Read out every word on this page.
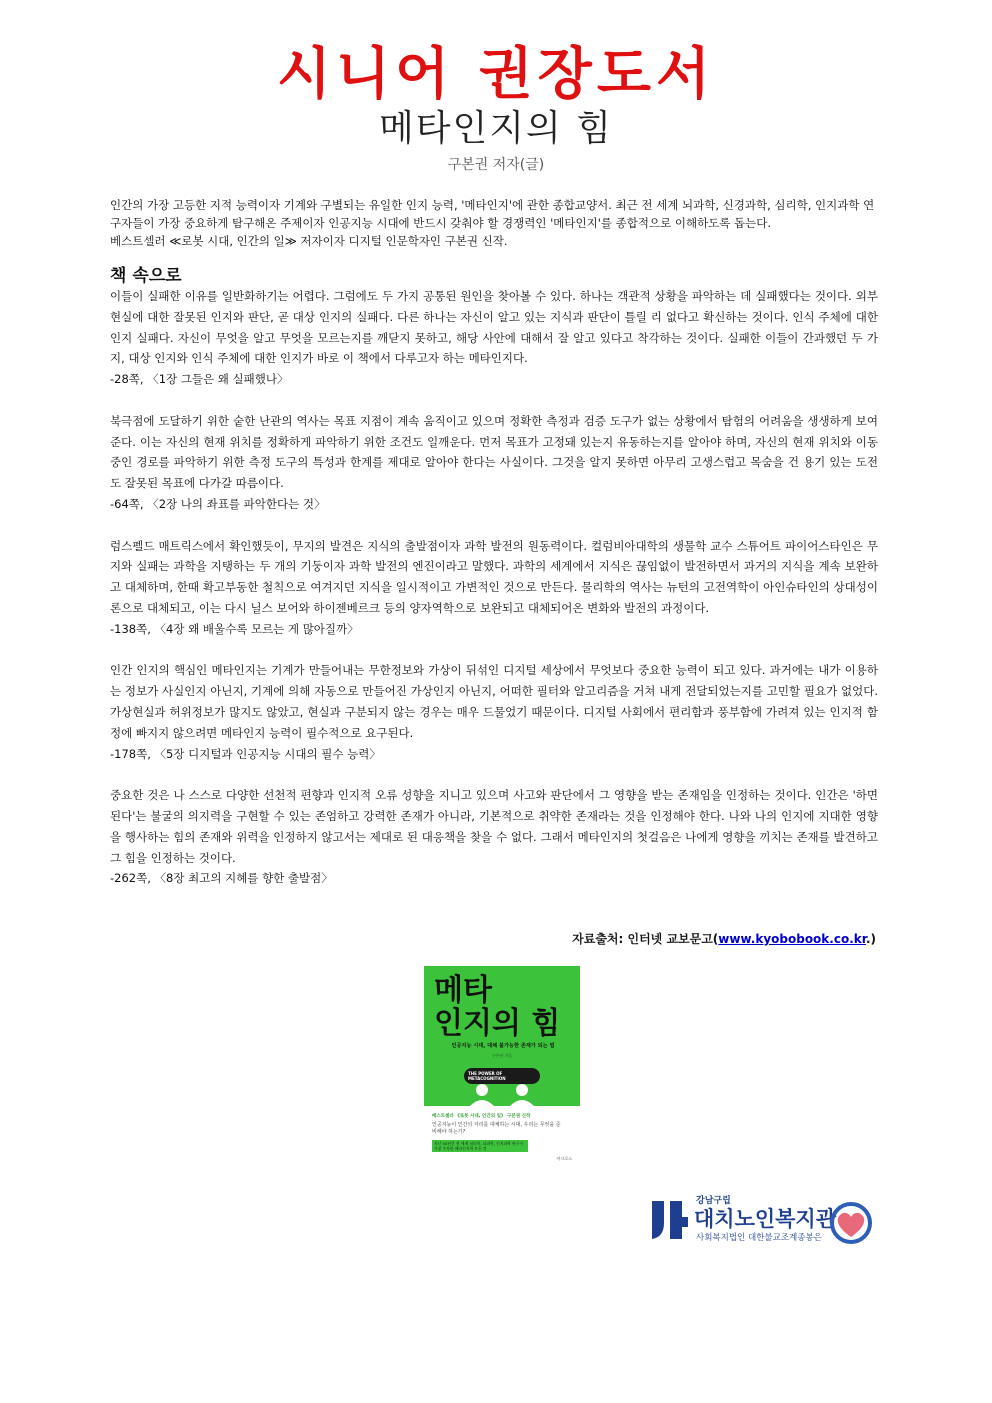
시니어 권장도서
메타인지의 힘
구본권 저자(글)

인간의 가장 고등한 지적 능력이자 기계와 구별되는 유일한 인지 능력, '메타인지'에 관한 종합교양서. 최근 전 세계 뇌과학, 신경과학, 심리학, 인지과학 연구자들이 가장 중요하게 탐구해온 주제이자 인공지능 시대에 반드시 갖춰야 할 경쟁력인 '메타인지'를 종합적으로 이해하도록 돕는다.

베스트셀러 ≪로봇 시대, 인간의 일≫ 저자이자 디지털 인문학자인 구본권 신작.

책 속으로

이들이 실패한 이유를 일반화하기는 어렵다. 그럼에도 두 가지 공통된 원인을 찾아볼 수 있다. 하나는 객관적 상황을 파악하는 데 실패했다는 것이다. 외부 현실에 대한 잘못된 인지와 판단, 곧 대상 인지의 실패다. 다른 하나는 자신이 알고 있는 지식과 판단이 틀릴 리 없다고 확신하는 것이다. 인식 주체에 대한 인지 실패다. 자신이 무엇을 알고 무엇을 모르는지를 깨닫지 못하고, 해당 사안에 대해서 잘 알고 있다고 착각하는 것이다. 실패한 이들이 간과했던 두 가지, 대상 인지와 인식 주체에 대한 인지가 바로 이 책에서 다루고자 하는 메타인지다.

-28쪽, 〈1장 그들은 왜 실패했나〉

북극점에 도달하기 위한 숱한 난관의 역사는 목표 지점이 계속 움직이고 있으며 정확한 측정과 검증 도구가 없는 상황에서 탐험의 어려움을 생생하게 보여준다. 이는 자신의 현재 위치를 정확하게 파악하기 위한 조건도 일깨운다. 먼저 목표가 고정돼 있는지 유동하는지를 알아야 하며, 자신의 현재 위치와 이동 중인 경로를 파악하기 위한 측정 도구의 특성과 한계를 제대로 알아야 한다는 사실이다. 그것을 알지 못하면 아무리 고생스럽고 목숨을 건 용기 있는 도전도 잘못된 목표에 다가갈 따름이다.

-64쪽, 〈2장 나의 좌표를 파악한다는 것〉

럼스펠드 매트릭스에서 확인했듯이, 무지의 발견은 지식의 출발점이자 과학 발전의 원동력이다. 컬럼비아대학의 생물학 교수 스튜어트 파이어스타인은 무지와 실패는 과학을 지탱하는 두 개의 기둥이자 과학 발전의 엔진이라고 말했다. 과학의 세계에서 지식은 끊임없이 발전하면서 과거의 지식을 계속 보완하고 대체하며, 한때 확고부동한 철칙으로 여겨지던 지식을 일시적이고 가변적인 것으로 만든다. 물리학의 역사는 뉴턴의 고전역학이 아인슈타인의 상대성이론으로 대체되고, 이는 다시 닐스 보어와 하이젠베르크 등의 양자역학으로 보완되고 대체되어온 변화와 발전의 과정이다.

-138쪽, 〈4장 왜 배울수록 모르는 게 많아질까〉

인간 인지의 핵심인 메타인지는 기계가 만들어내는 무한정보와 가상이 뒤섞인 디지털 세상에서 무엇보다 중요한 능력이 되고 있다. 과거에는 내가 이용하는 정보가 사실인지 아닌지, 기계에 의해 자동으로 만들어진 가상인지 아닌지, 어떠한 필터와 알고리즘을 거쳐 내게 전달되었는지를 고민할 필요가 없었다. 가상현실과 허위정보가 많지도 않았고, 현실과 구분되지 않는 경우는 매우 드물었기 때문이다. 디지털 사회에서 편리함과 풍부함에 가려져 있는 인지적 함정에 빠지지 않으려면 메타인지 능력이 필수적으로 요구된다.

-178쪽, 〈5장 디지털과 인공지능 시대의 필수 능력〉

중요한 것은 나 스스로 다양한 선천적 편향과 인지적 오류 성향을 지니고 있으며 사고와 판단에서 그 영향을 받는 존재임을 인정하는 것이다. 인간은 '하면 된다'는 불굴의 의지력을 구현할 수 있는 존엄하고 강력한 존재가 아니라, 기본적으로 취약한 존재라는 것을 인정해야 한다. 나와 나의 인지에 지대한 영향을 행사하는 힘의 존재와 위력을 인정하지 않고서는 제대로 된 대응책을 찾을 수 없다. 그래서 메타인지의 첫걸음은 나에게 영향을 끼치는 존재를 발견하고 그 힘을 인정하는 것이다.

-262쪽, 〈8장 최고의 지혜를 향한 출발점〉

자료출처: 인터넷 교보문고(www.kyobobook.co.kr.)
메타
인지의 힘
인공지능 시대, 대체 불가능한 존재가 되는 법
구본권 지음
THE POWER OF METACOGNITION
베스트셀러 《로봇 시대, 인간의 일》 구본권 신작
인공지능이 인간의 자리를 대체하는 시대, 우리는 무엇을 준비해야 하는가?
지난 50년간 전 세계 심리학, 뇌과학, 인지과학 연구가 가장 주목한 메타인지의 모든 것
어크로스
강남구립
대치노인복지관
사회복지법인 대한불교조계종봉은
